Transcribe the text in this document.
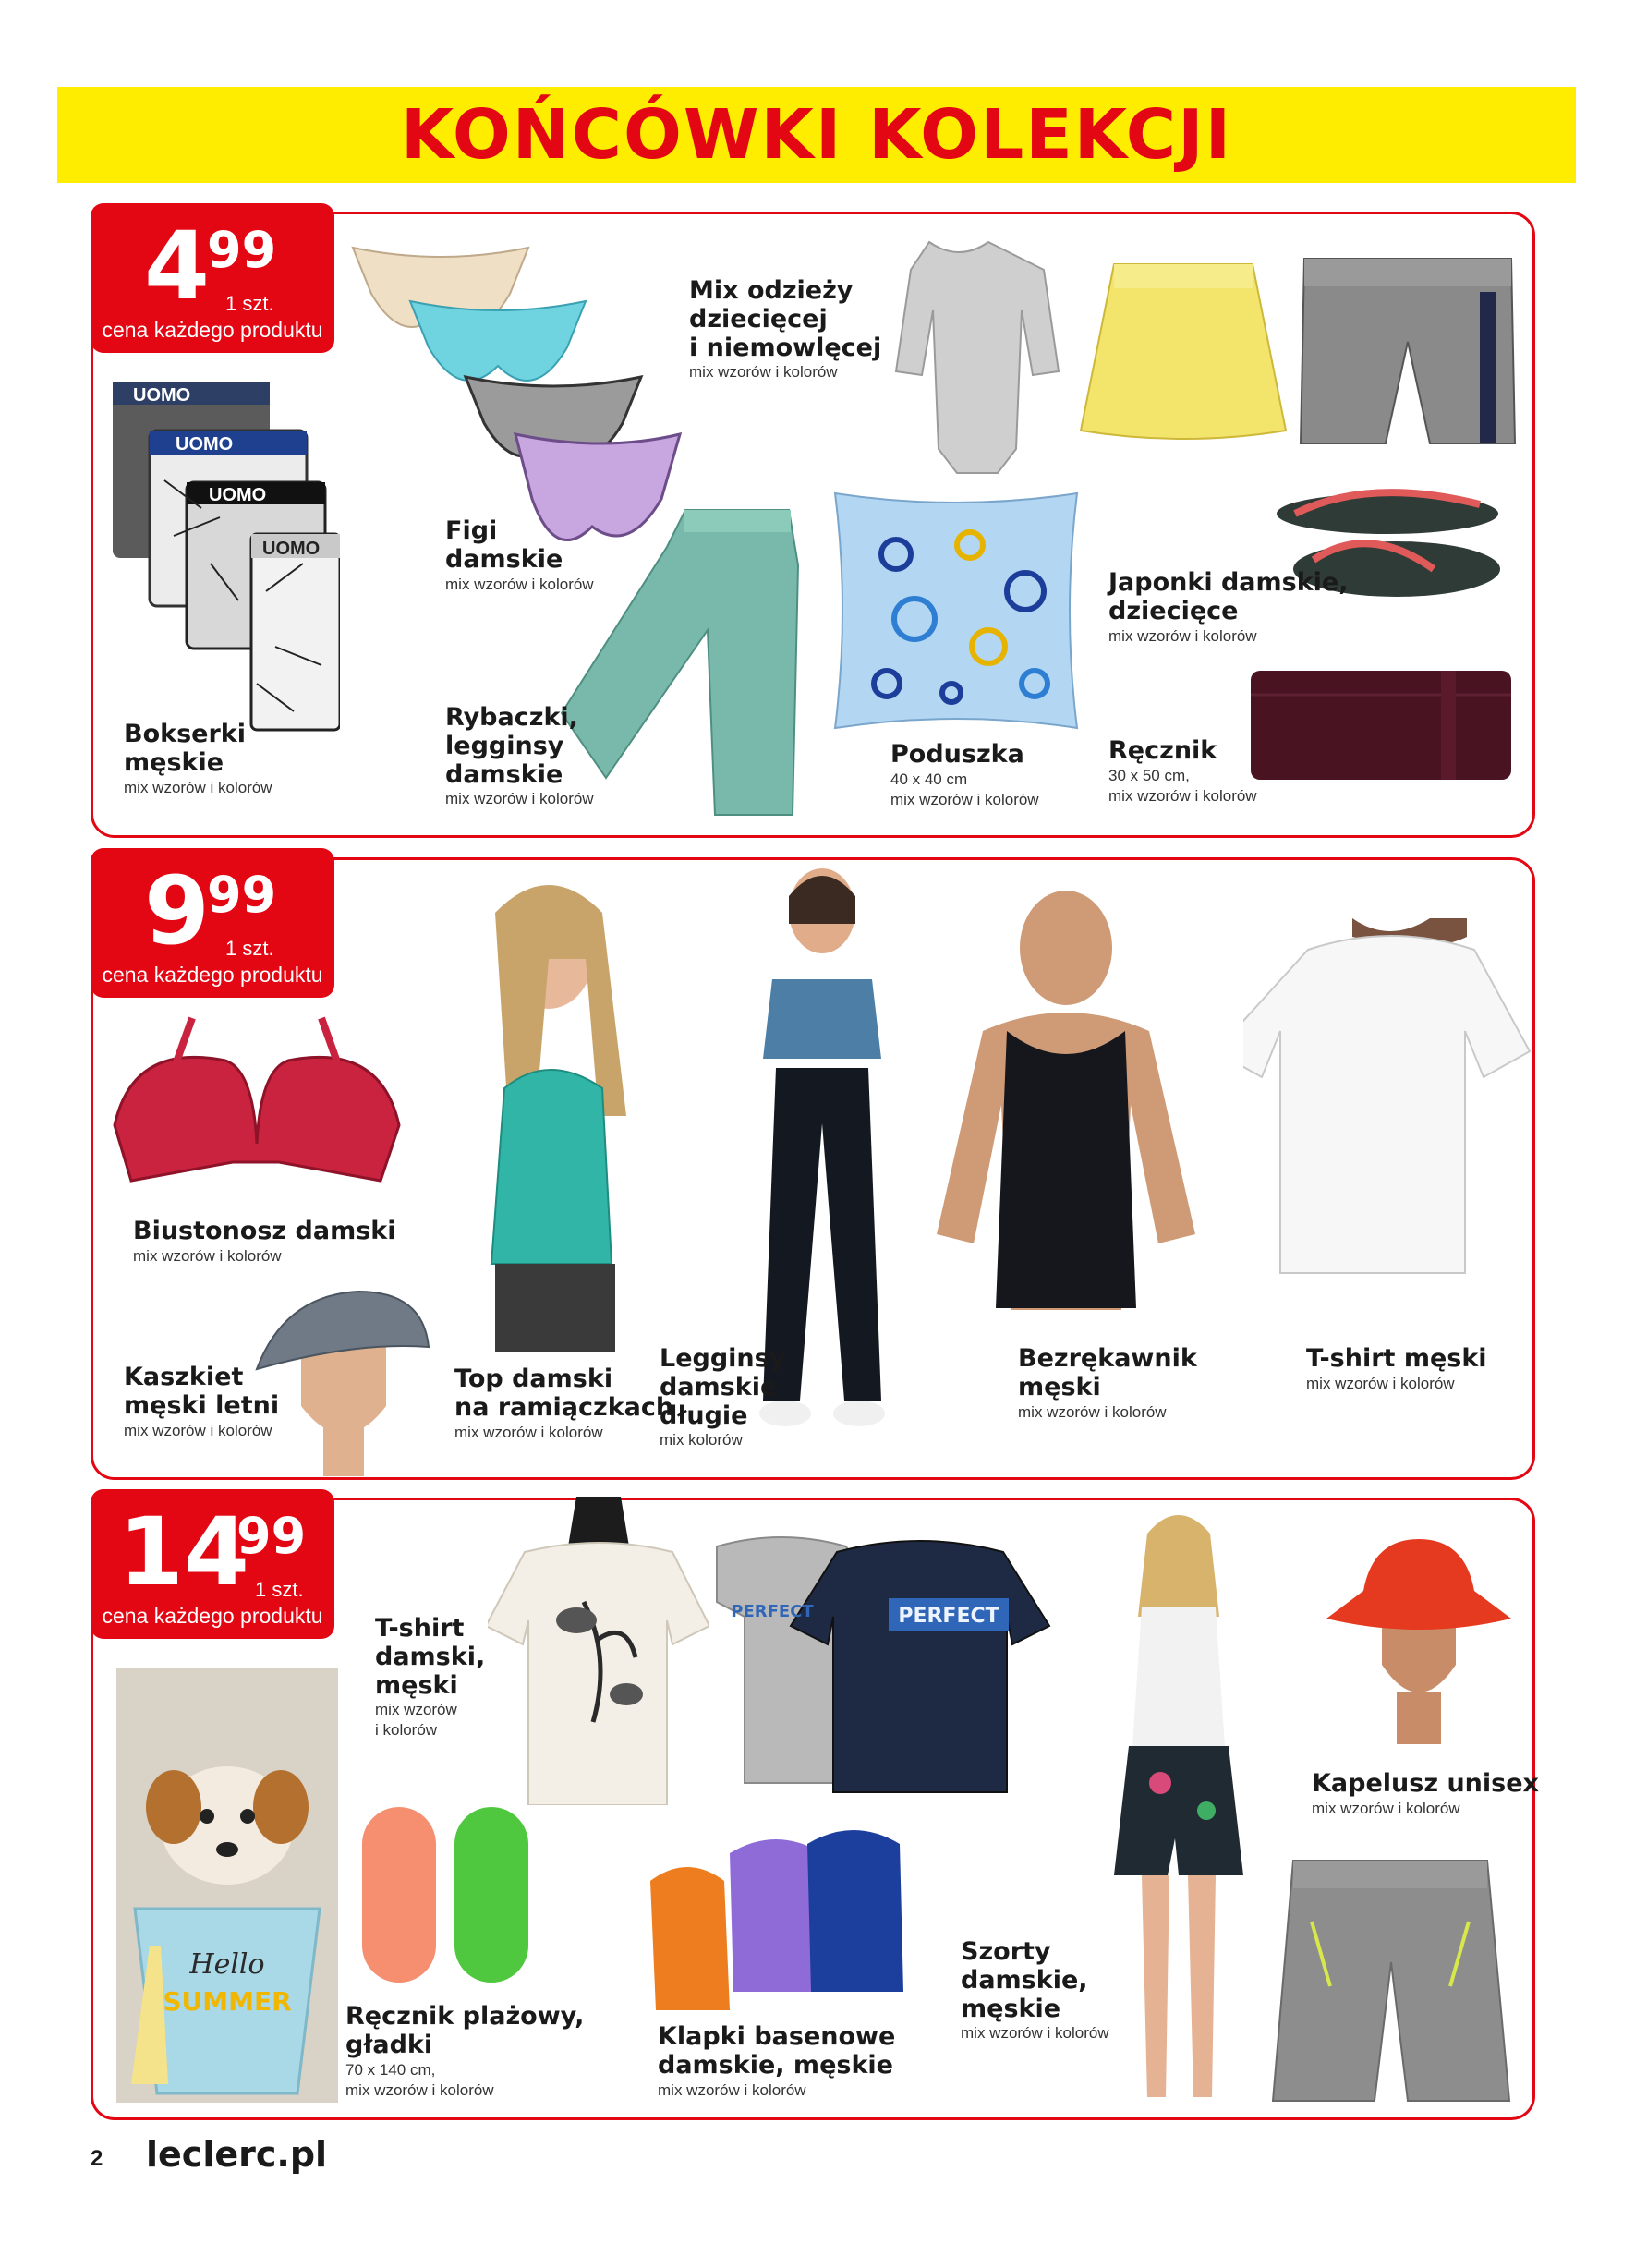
KOŃCÓWKI KOLEKCJI
4
99
1 szt.
cena każdego produktu
UOMO
UOMO
UOMO
UOMO
Bokserki
męskie
mix wzorów i kolorów
Figi
damskie
mix wzorów i kolorów
Rybaczki,
legginsy
damskie
mix wzorów i kolorów
Mix odzieży
dziecięcej
i niemowlęcej
mix wzorów i kolorów
Poduszka
40 x 40 cm
mix wzorów i kolorów
Japonki damskie,
dziecięce
mix wzorów i kolorów
Ręcznik
30 x 50 cm,
mix wzorów i kolorów
9
99
1 szt.
cena każdego produktu
Biustonosz damski
mix wzorów i kolorów
Kaszkiet
męski letni
mix wzorów i kolorów
Top damski
na ramiączkach
mix wzorów i kolorów
Legginsy
damskie
długie
mix kolorów
Bezrękawnik
męski
mix wzorów i kolorów
T-shirt męski
mix wzorów i kolorów
14
99
1 szt.
cena każdego produktu
Hello
SUMMER
T-shirt
damski,
męski
mix wzorów
i kolorów
PERFECT
PERFECT
Szorty
damskie,
męskie
mix wzorów i kolorów
Kapelusz unisex
mix wzorów i kolorów
Ręcznik plażowy,
gładki
70 x 140 cm,
mix wzorów i kolorów
Klapki basenowe
damskie, męskie
mix wzorów i kolorów
2 leclerc.pl
